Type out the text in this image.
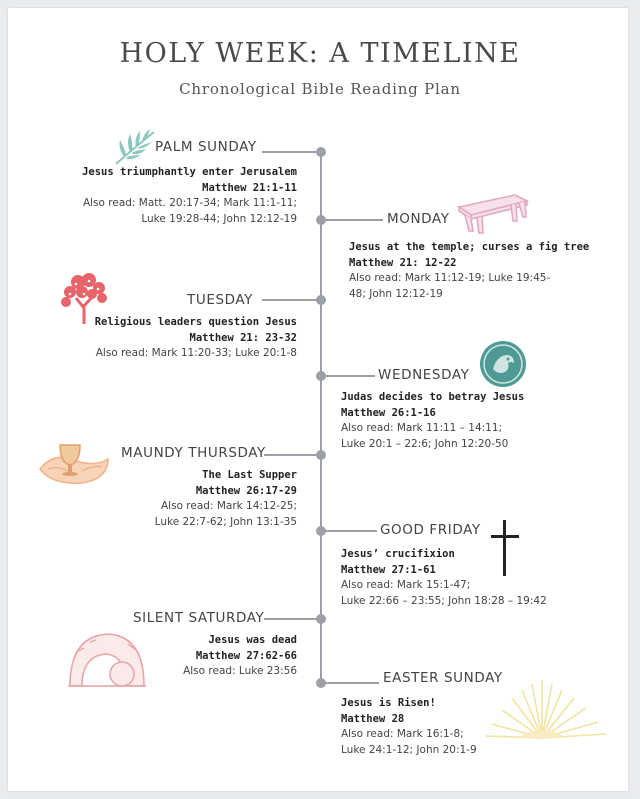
HOLY WEEK: A TIMELINE
Chronological Bible Reading Plan
PALM SUNDAY
MONDAY
TUESDAY
WEDNESDAY
MAUNDY THURSDAY
GOOD FRIDAY
SILENT SATURDAY
EASTER SUNDAY
Jesus triumphantly enter Jerusalem
Matthew 21:1-11
Also read: Matt. 20:17-34; Mark 11:1-11;
Luke 19:28-44; John 12:12-19
Jesus at the temple; curses a fig tree
Matthew 21: 12-22
Also read: Mark 11:12-19; Luke 19:45-
48; John 12:12-19
Religious leaders question Jesus
Matthew 21: 23-32
Also read: Mark 11:20-33; Luke 20:1-8
Judas decides to betray Jesus
Matthew 26:1-16
Also read: Mark 11:11 – 14:11;
Luke 20:1 – 22:6; John 12:20-50
The Last Supper
Matthew 26:17-29
Also read: Mark 14:12-25;
Luke 22:7-62; John 13:1-35
Jesus’ crucifixion
Matthew 27:1-61
Also read: Mark 15:1-47;
Luke 22:66 – 23:55; John 18:28 – 19:42
Jesus was dead
Matthew 27:62-66
Also read: Luke 23:56
Jesus is Risen!
Matthew 28
Also read: Mark 16:1-8;
Luke 24:1-12; John 20:1-9
